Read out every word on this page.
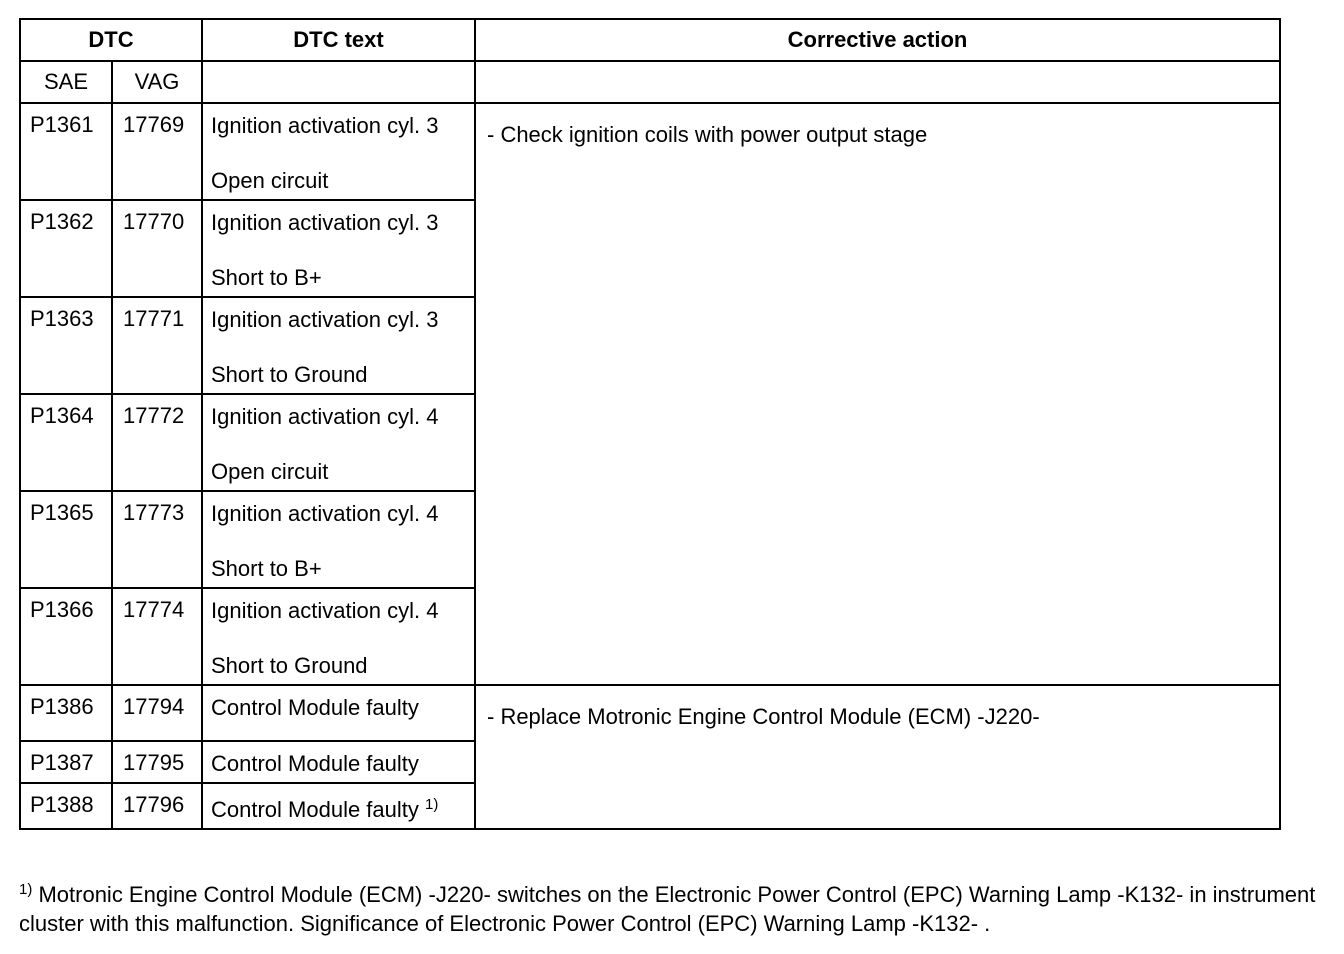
DTC		DTC text	Corrective action
SAE	VAG		

P1361	17769	Ignition activation cyl. 3
Open circuit	- Check ignition coils with power output stage

P1362	17770	Ignition activation cyl. 3
Short to B+	

P1363	17771	Ignition activation cyl. 3
Short to Ground	

P1364	17772	Ignition activation cyl. 4
Open circuit	

P1365	17773	Ignition activation cyl. 4
Short to B+	

P1366	17774	Ignition activation cyl. 4
Short to Ground	

P1386	17794	Control Module faulty	- Replace Motronic Engine Control Module (ECM) -J220-

P1387	17795	Control Module faulty	

P1388	17796	Control Module faulty $^{1)}$
$^{1)}$ Motronic Engine Control Module (ECM) -J220- switches on the Electronic Power Control (EPC) Warning Lamp -K132- in instrument cluster with this malfunction. Significance of Electronic Power Control (EPC) Warning Lamp -K132- .
